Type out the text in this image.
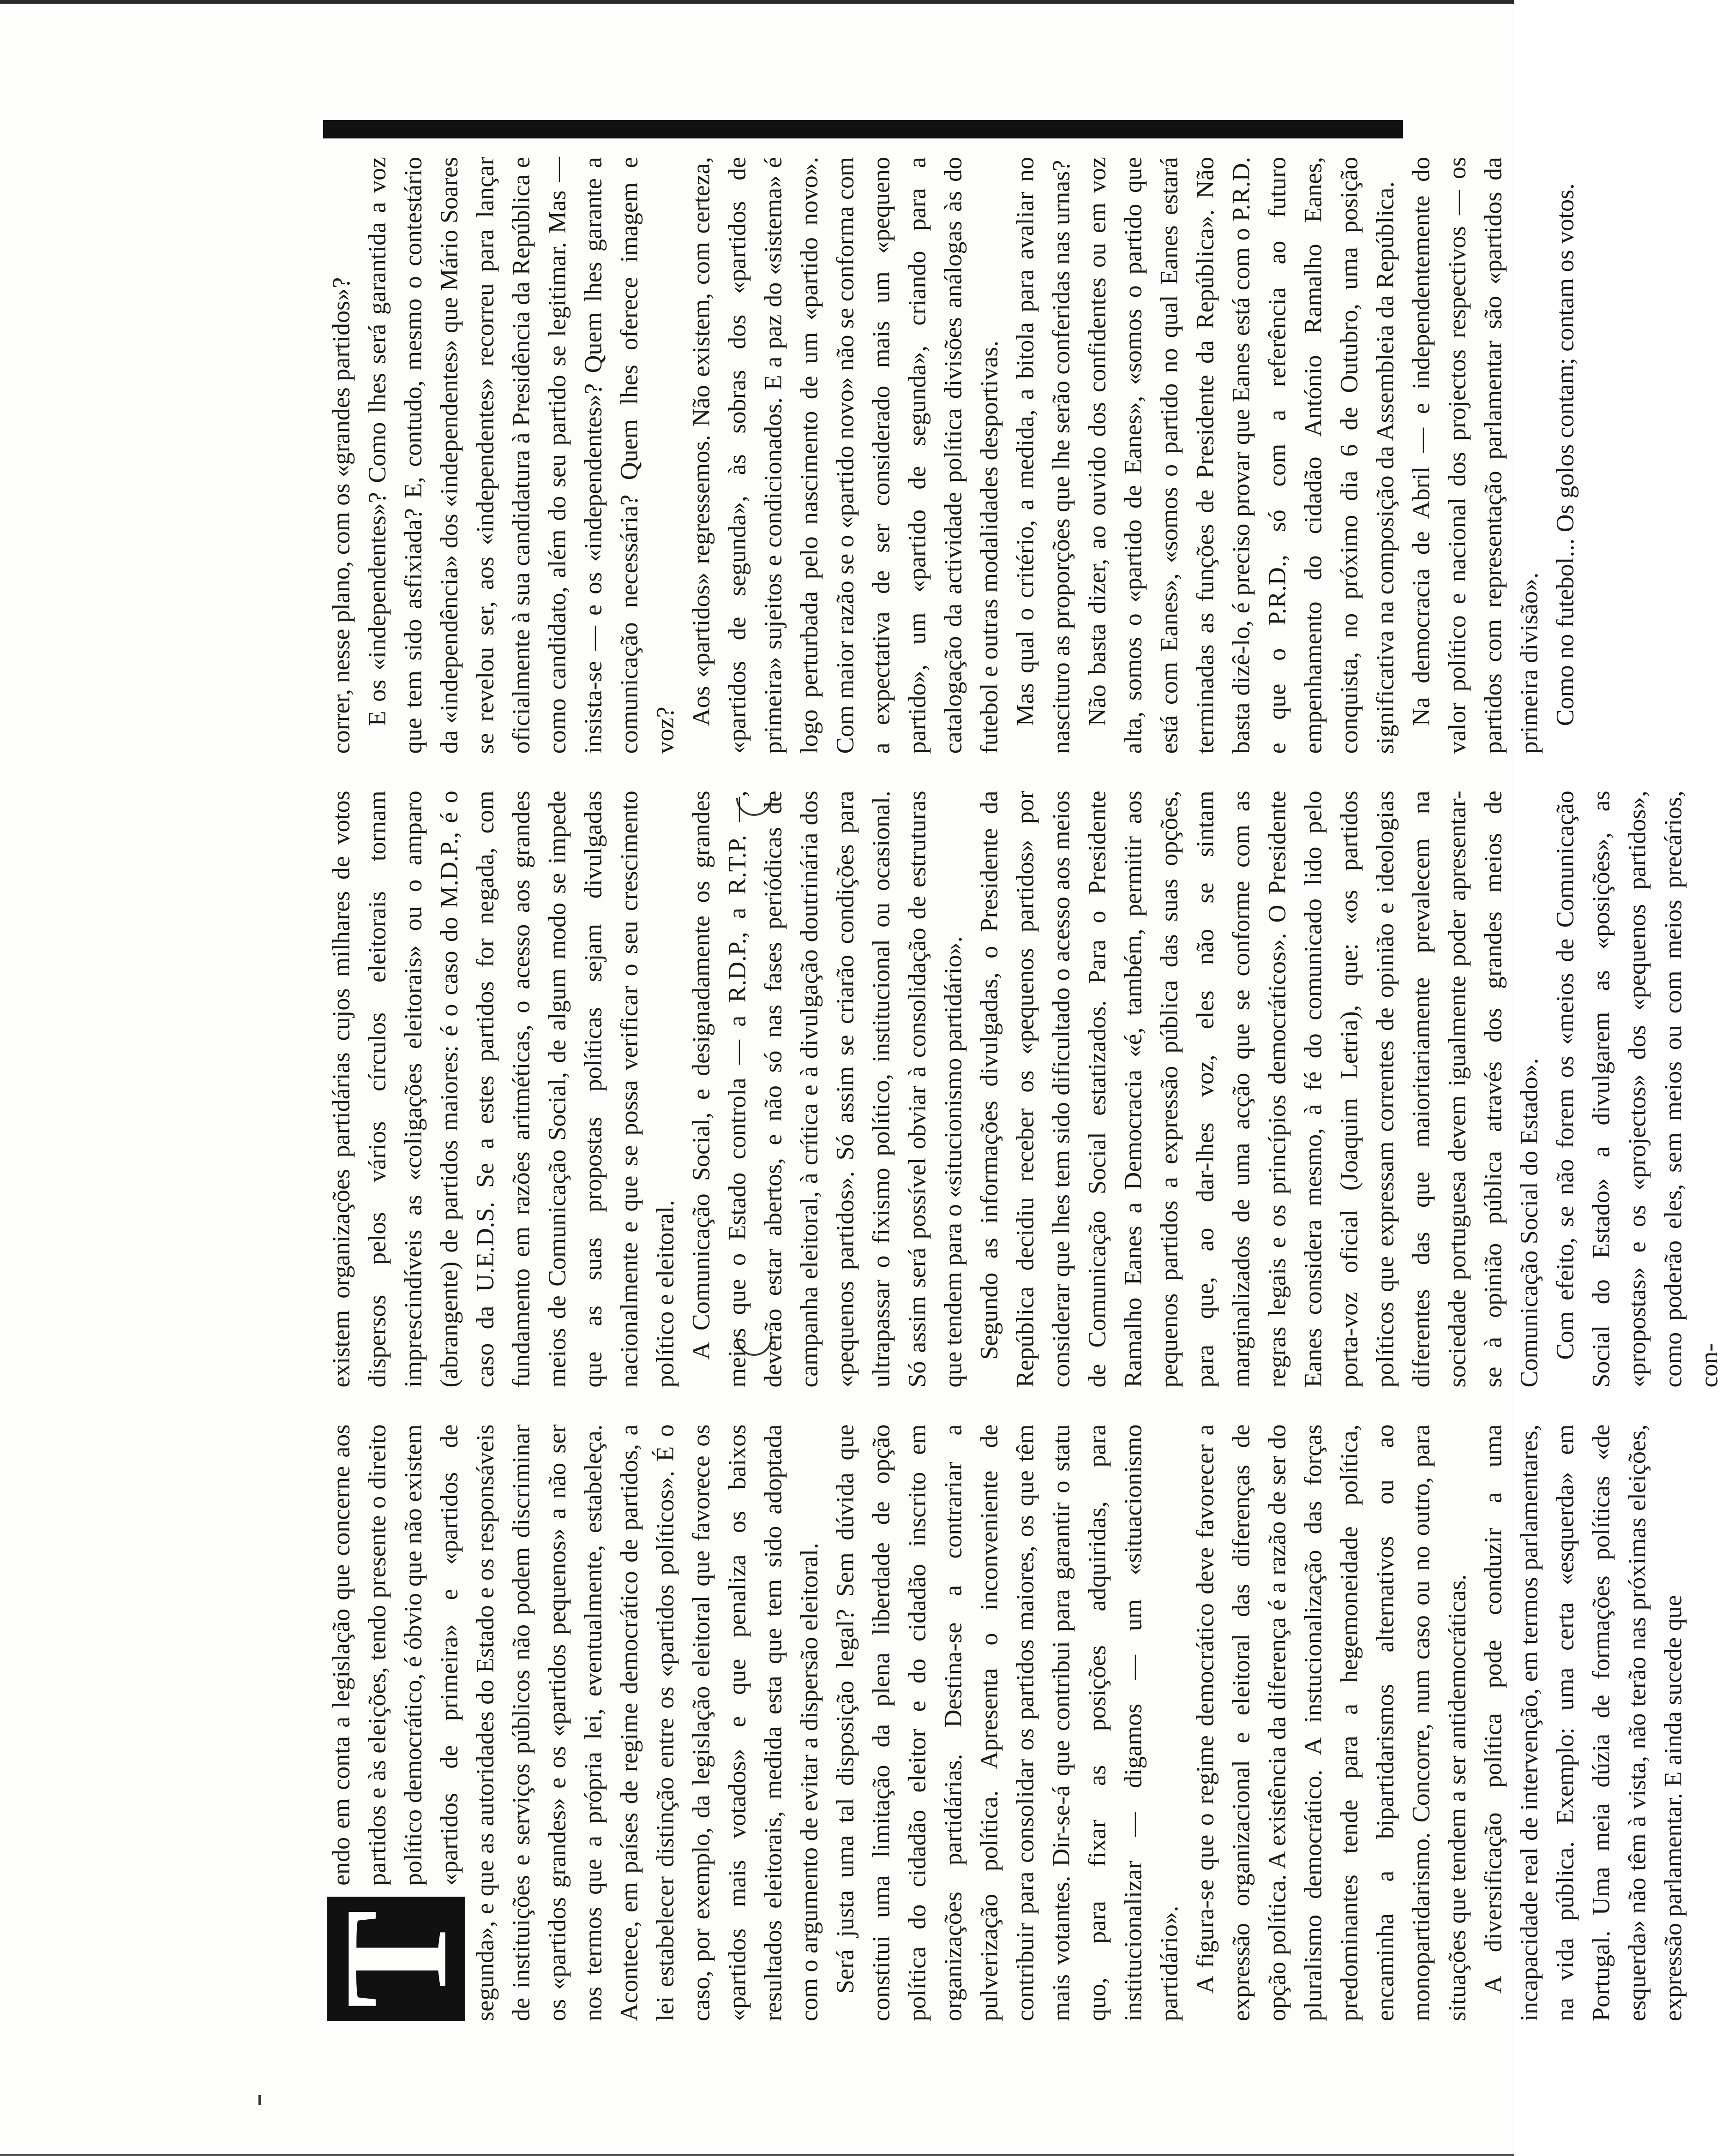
T
endo em conta a legislação que concerne aos partidos e às eleições, tendo presente o direito político democrático, é óbvio que não existem «partidos de primeira» e «partidos de segunda», e que as autoridades do Estado e os responsáveis de instituições e serviços públicos não podem discriminar os «partidos grandes» e os «partidos pequenos» a não ser nos termos que a própria lei, eventualmente, estabeleça. Acontece, em países de regime democrático de partidos, a lei estabelecer distinção entre os «partidos políticos». É o caso, por exemplo, da legislação eleitoral que favorece os «partidos mais votados» e que penaliza os baixos resultados eleitorais, medida esta que tem sido adoptada com o argumento de evitar a dispersão eleitoral. Será justa uma tal disposição legal? Sem dúvida que constitui uma limitação da plena liberdade de opção política do cidadão eleitor e do cidadão inscrito em organizações partidárias. Destina-se a contrariar a pulverização política. Apresenta o inconveniente de contribuir para consolidar os partidos maiores, os que têm mais votantes. Dir-se-á que contribui para garantir o statu quo, para fixar as posições adquiridas, para institucionalizar — digamos — um «situacionismo partidário». A figura-se que o regime democrático deve favorecer a expressão organizacional e eleitoral das diferenças de opção política. A existência da diferença é a razão de ser do pluralismo democrático. A instucionalização das forças predominantes tende para a hegemoneidade política, encaminha a bipartidarismos alternativos ou ao monopartidarismo. Concorre, num caso ou no outro, para situações que tendem a ser antidemocráticas. A diversificação política pode conduzir a uma incapacidade real de intervenção, em termos parlamentares, na vida pública. Exemplo: uma certa «esquerda» em Portugal. Uma meia dúzia de formações políticas «de esquerda» não têm à vista, não terão nas próximas eleições, expressão parlamentar. E ainda sucede que

existem organizações partidárias cujos milhares de votos dispersos pelos vários círculos eleitorais tornam imprescindíveis as «coligações eleitorais» ou o amparo (abrangente) de partidos maiores: é o caso do M.D.P., é o caso da U.E.D.S. Se a estes partidos for negada, com fundamento em razões aritméticas, o acesso aos grandes meios de Comunicação Social, de algum modo se impede que as suas propostas políticas sejam divulgadas nacionalmente e que se possa verificar o seu crescimento político e eleitoral. A Comunicação Social, e designadamente os grandes meios que o Estado controla — a R.D.P., a R.T.P. —, deverão estar abertos, e não só nas fases periódicas de campanha eleitoral, à crítica e à divulgação doutrinária dos «pequenos partidos». Só assim se criarão condições para ultrapassar o fixismo político, institucional ou ocasional. Só assim será possível obviar à consolidação de estruturas que tendem para o «situcionismo partidário». Segundo as informações divulgadas, o Presidente da República decidiu receber os «pequenos partidos» por considerar que lhes tem sido dificultado o acesso aos meios de Comunicação Social estatizados. Para o Presidente Ramalho Eanes a Democracia «é, também, permitir aos pequenos partidos a expressão pública das suas opções, para que, ao dar-lhes voz, eles não se sintam marginalizados de uma acção que se conforme com as regras legais e os princípios democráticos». O Presidente Eanes considera mesmo, à fé do comunicado lido pelo porta-voz oficial (Joaquim Letria), que: «os partidos políticos que expressam correntes de opinião e ideologias diferentes das que maioritariamente prevalecem na sociedade portuguesa devem igualmente poder apresentar-se à opinião pública através dos grandes meios de Comunicação Social do Estado». Com efeito, se não forem os «meios de Comunicação Social do Estado» a divulgarem as «posições», as «propostas» e os «projectos» dos «pequenos partidos», como poderão eles, sem meios ou com meios precários, con-

correr, nesse plano, com os «grandes partidos»? E os «independentes»? Como lhes será garantida a voz que tem sido asfixiada? E, contudo, mesmo o contestário da «independência» dos «independentes» que Mário Soares se revelou ser, aos «independentes» recorreu para lançar oficialmente à sua candidatura à Presidência da República e como candidato, além do seu partido se legitimar. Mas — insista-se — e os «independentes»? Quem lhes garante a comunicação necessária? Quem lhes oferece imagem e voz?

Aos «partidos» regressemos. Não existem, com certeza, «partidos de segunda», às sobras dos «partidos de primeira» sujeitos e condicionados. E a paz do «sistema» é logo perturbada pelo nascimento de um «partido novo». Com maior razão se o «partido novo» não se conforma com a expectativa de ser considerado mais um «pequeno partido», um «partido de segunda», criando para a catalogação da actividade política divisões análogas às do futebol e outras modalidades desportivas. Mas qual o critério, a medida, a bitola para avaliar no nascituro as proporções que lhe serão conferidas nas urnas? Não basta dizer, ao ouvido dos confidentes ou em voz alta, somos o «partido de Eanes», «somos o partido que está com Eanes», «somos o partido no qual Eanes estará terminadas as funções de Presidente da República». Não basta dizê-lo, é preciso provar que Eanes está com o P.R.D. e que o P.R.D., só com a referência ao futuro empenhamento do cidadão António Ramalho Eanes, conquista, no próximo dia 6 de Outubro, uma posição significativa na composição da Assembleia da República. Na democracia de Abril — e independentemente do valor político e nacional dos projectos respectivos — os partidos com representação parlamentar são «partidos da primeira divisão». Como no futebol... Os golos contam; contam os votos.
